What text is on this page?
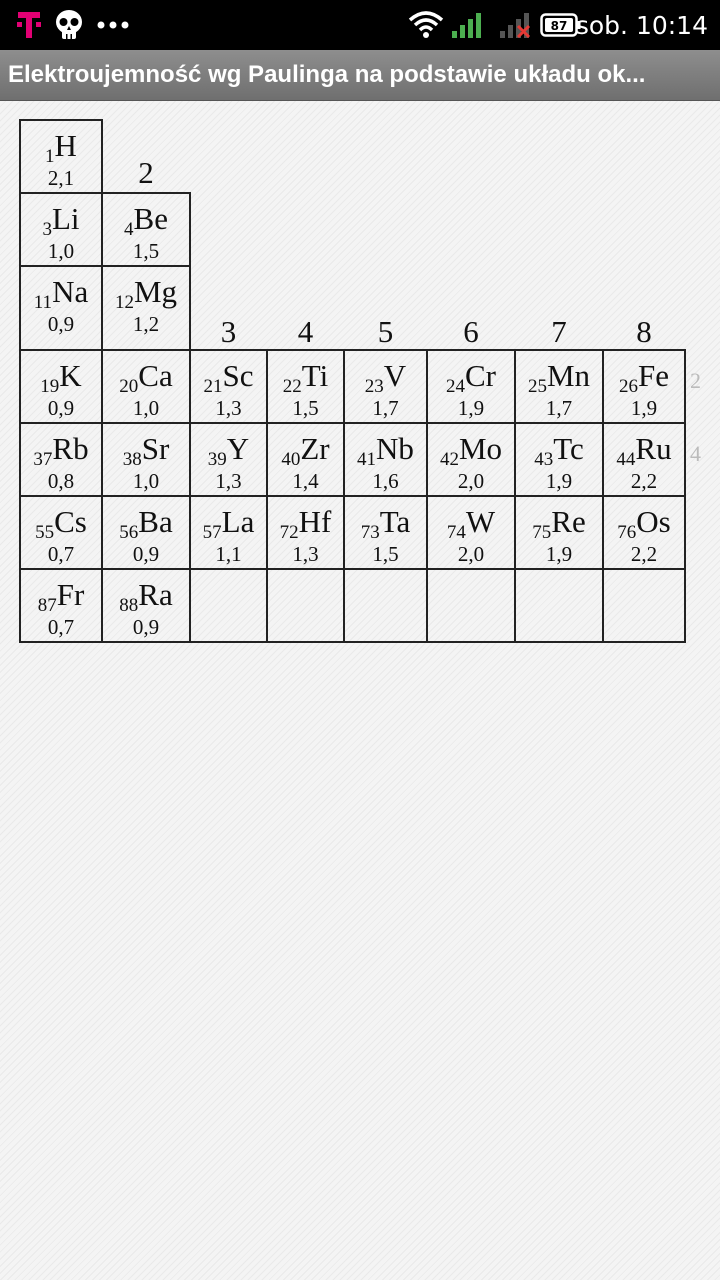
87 sob. 10:14
Elektroujemność wg Paulinga na podstawie układu ok...
1H
2,1
3Li
1,0
4Be
1,5
11Na
0,9
12Mg
1,2
19K
0,9
20Ca
1,0
21Sc
1,3
22Ti
1,5
23V
1,7
24Cr
1,9
25Mn
1,7
26Fe
1,9
37Rb
0,8
38Sr
1,0
39Y
1,3
40Zr
1,4
41Nb
1,6
42Mo
2,0
43Tc
1,9
44Ru
2,2
55Cs
0,7
56Ba
0,9
57La
1,1
72Hf
1,3
73Ta
1,5
74W
2,0
75Re
1,9
76Os
2,2
87Fr
0,7
88Ra
0,9
2
3 4 5 6 7 8
2
4
